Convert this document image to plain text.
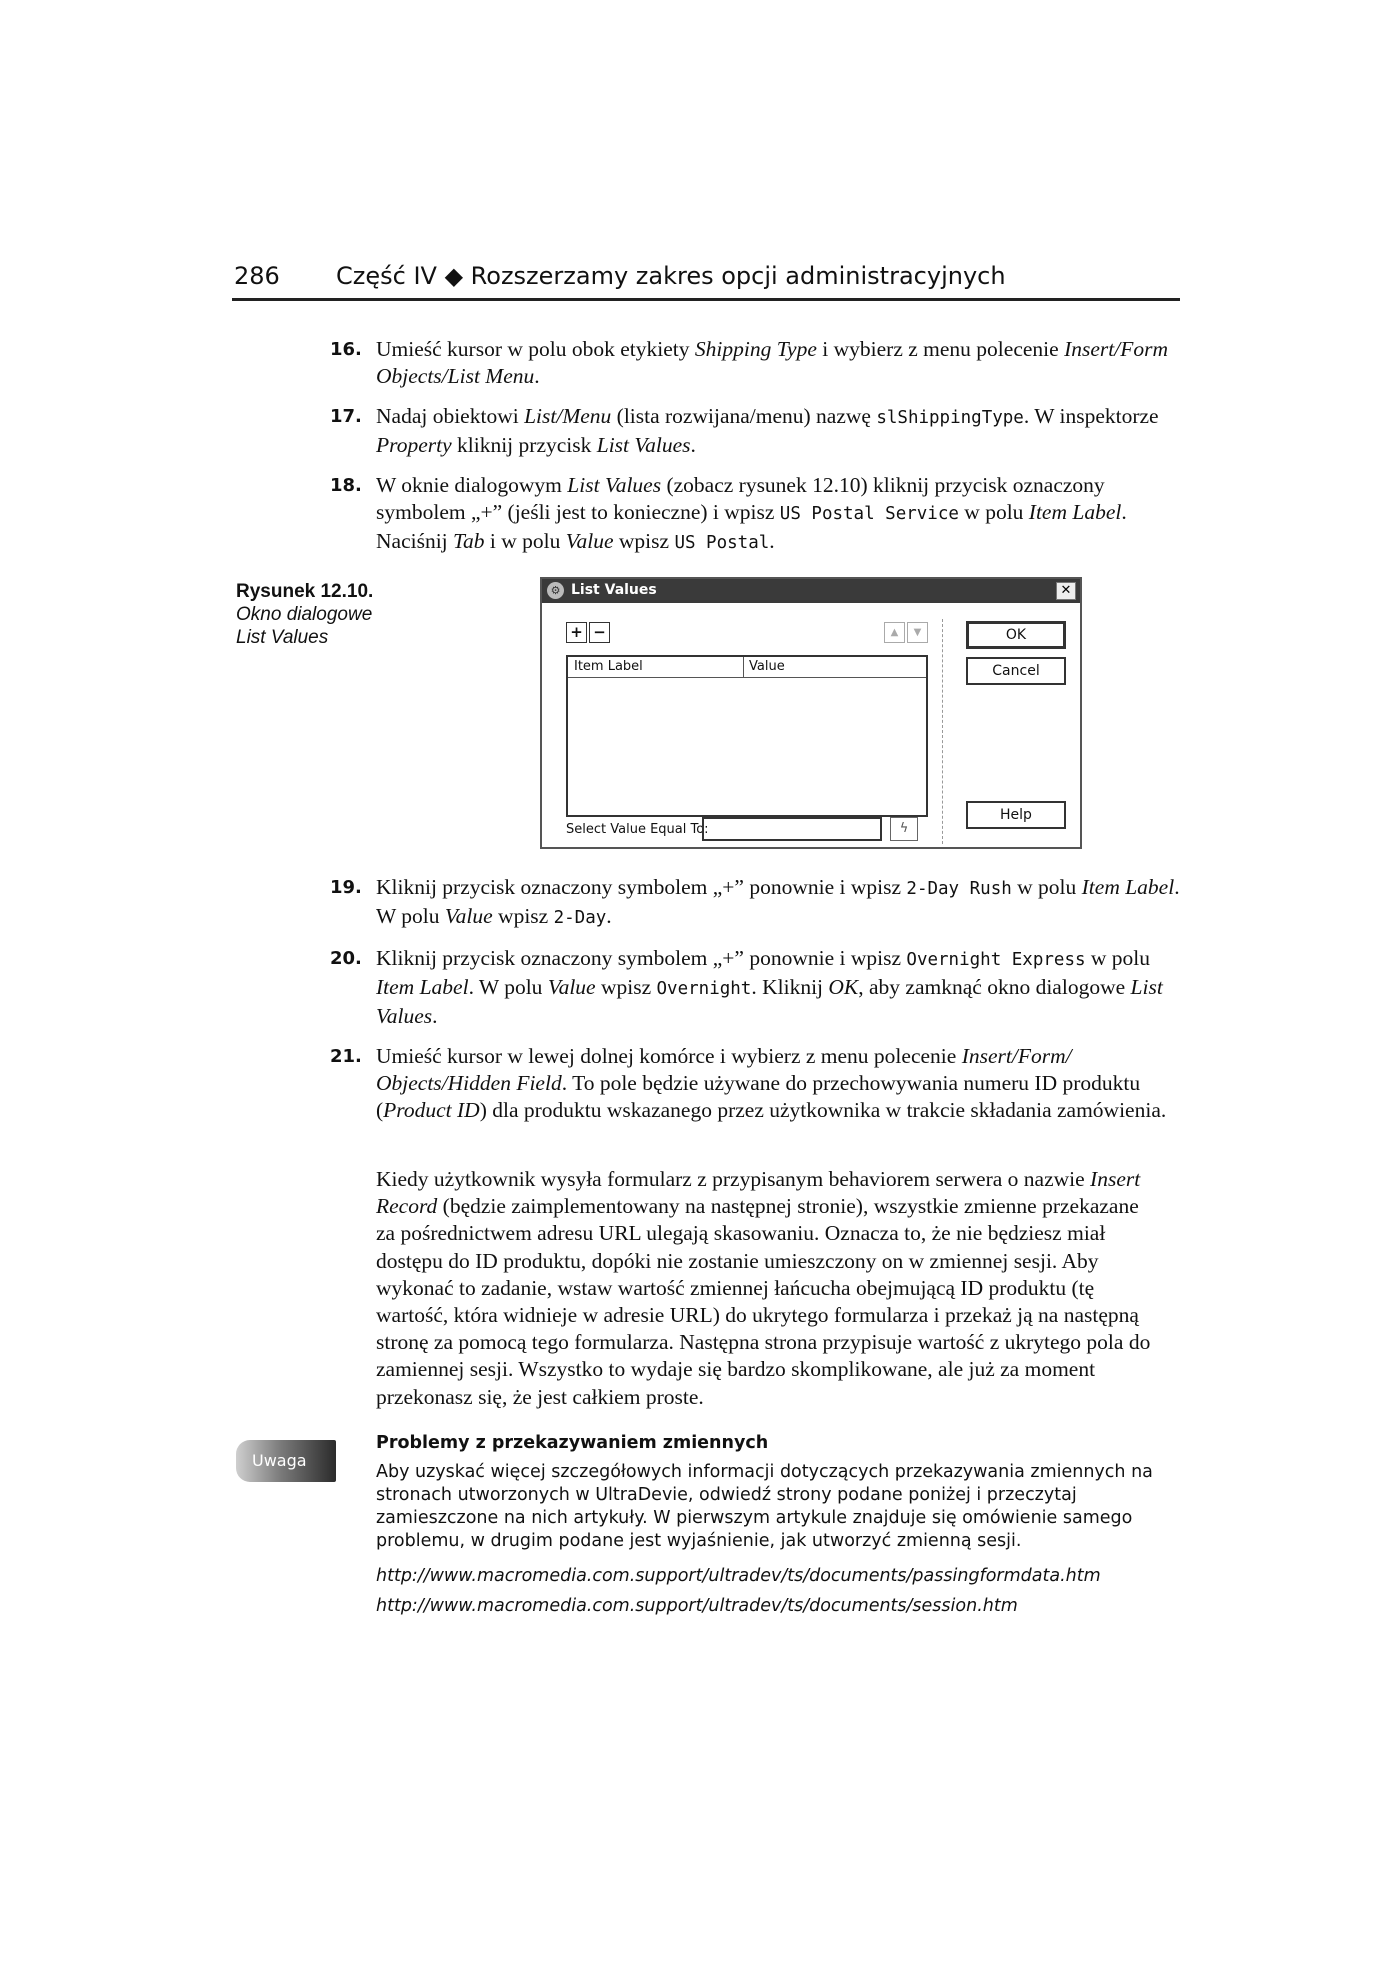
286 Część IV ◆ Rozszerzamy zakres opcji administracyjnych
16. Umieść kursor w polu obok etykiety Shipping Type i wybierz z menu polecenie Insert/Form Objects/List Menu.
17. Nadaj obiektowi List/Menu (lista rozwijana/menu) nazwę slShippingType. W inspektorze Property kliknij przycisk List Values.
18. W oknie dialogowym List Values (zobacz rysunek 12.10) kliknij przycisk oznaczony symbolem „+” (jeśli jest to konieczne) i wpisz US Postal Service w polu Item Label. Naciśnij Tab i w polu Value wpisz US Postal.
Rysunek 12.10.
Okno dialogowe
List Values
⚙ List Values	✕
+ −	▲	▼
Item Label	Value
OK
Cancel
Help
Select Value Equal To:	ϟ
19. Kliknij przycisk oznaczony symbolem „+” ponownie i wpisz 2-Day Rush w polu Item Label. W polu Value wpisz 2-Day.
20. Kliknij przycisk oznaczony symbolem „+” ponownie i wpisz Overnight Express w polu Item Label. W polu Value wpisz Overnight. Kliknij OK, aby zamknąć okno dialogowe List Values.
21. Umieść kursor w lewej dolnej komórce i wybierz z menu polecenie Insert/Form/ Objects/Hidden Field. To pole będzie używane do przechowywania numeru ID produktu (Product ID) dla produktu wskazanego przez użytkownika w trakcie składania zamówienia.
Kiedy użytkownik wysyła formularz z przypisanym behaviorem serwera o nazwie Insert Record (będzie zaimplementowany na następnej stronie), wszystkie zmienne przekazane za pośrednictwem adresu URL ulegają skasowaniu. Oznacza to, że nie będziesz miał dostępu do ID produktu, dopóki nie zostanie umieszczony on w zmiennej sesji. Aby wykonać to zadanie, wstaw wartość zmiennej łańcucha obejmującą ID produktu (tę wartość, która widnieje w adresie URL) do ukrytego formularza i przekaż ją na następną stronę za pomocą tego formularza. Następna strona przypisuje wartość z ukrytego pola do zamiennej sesji. Wszystko to wydaje się bardzo skomplikowane, ale już za moment przekonasz się, że jest całkiem proste.
Uwaga
Problemy z przekazywaniem zmiennych
Aby uzyskać więcej szczegółowych informacji dotyczących przekazywania zmiennych na stronach utworzonych w UltraDevie, odwiedź strony podane poniżej i przeczytaj zamieszczone na nich artykuły. W pierwszym artykule znajduje się omówienie samego problemu, w drugim podane jest wyjaśnienie, jak utworzyć zmienną sesji.
http://www.macromedia.com.support/ultradev/ts/documents/passingformdata.htm
http://www.macromedia.com.support/ultradev/ts/documents/session.htm
